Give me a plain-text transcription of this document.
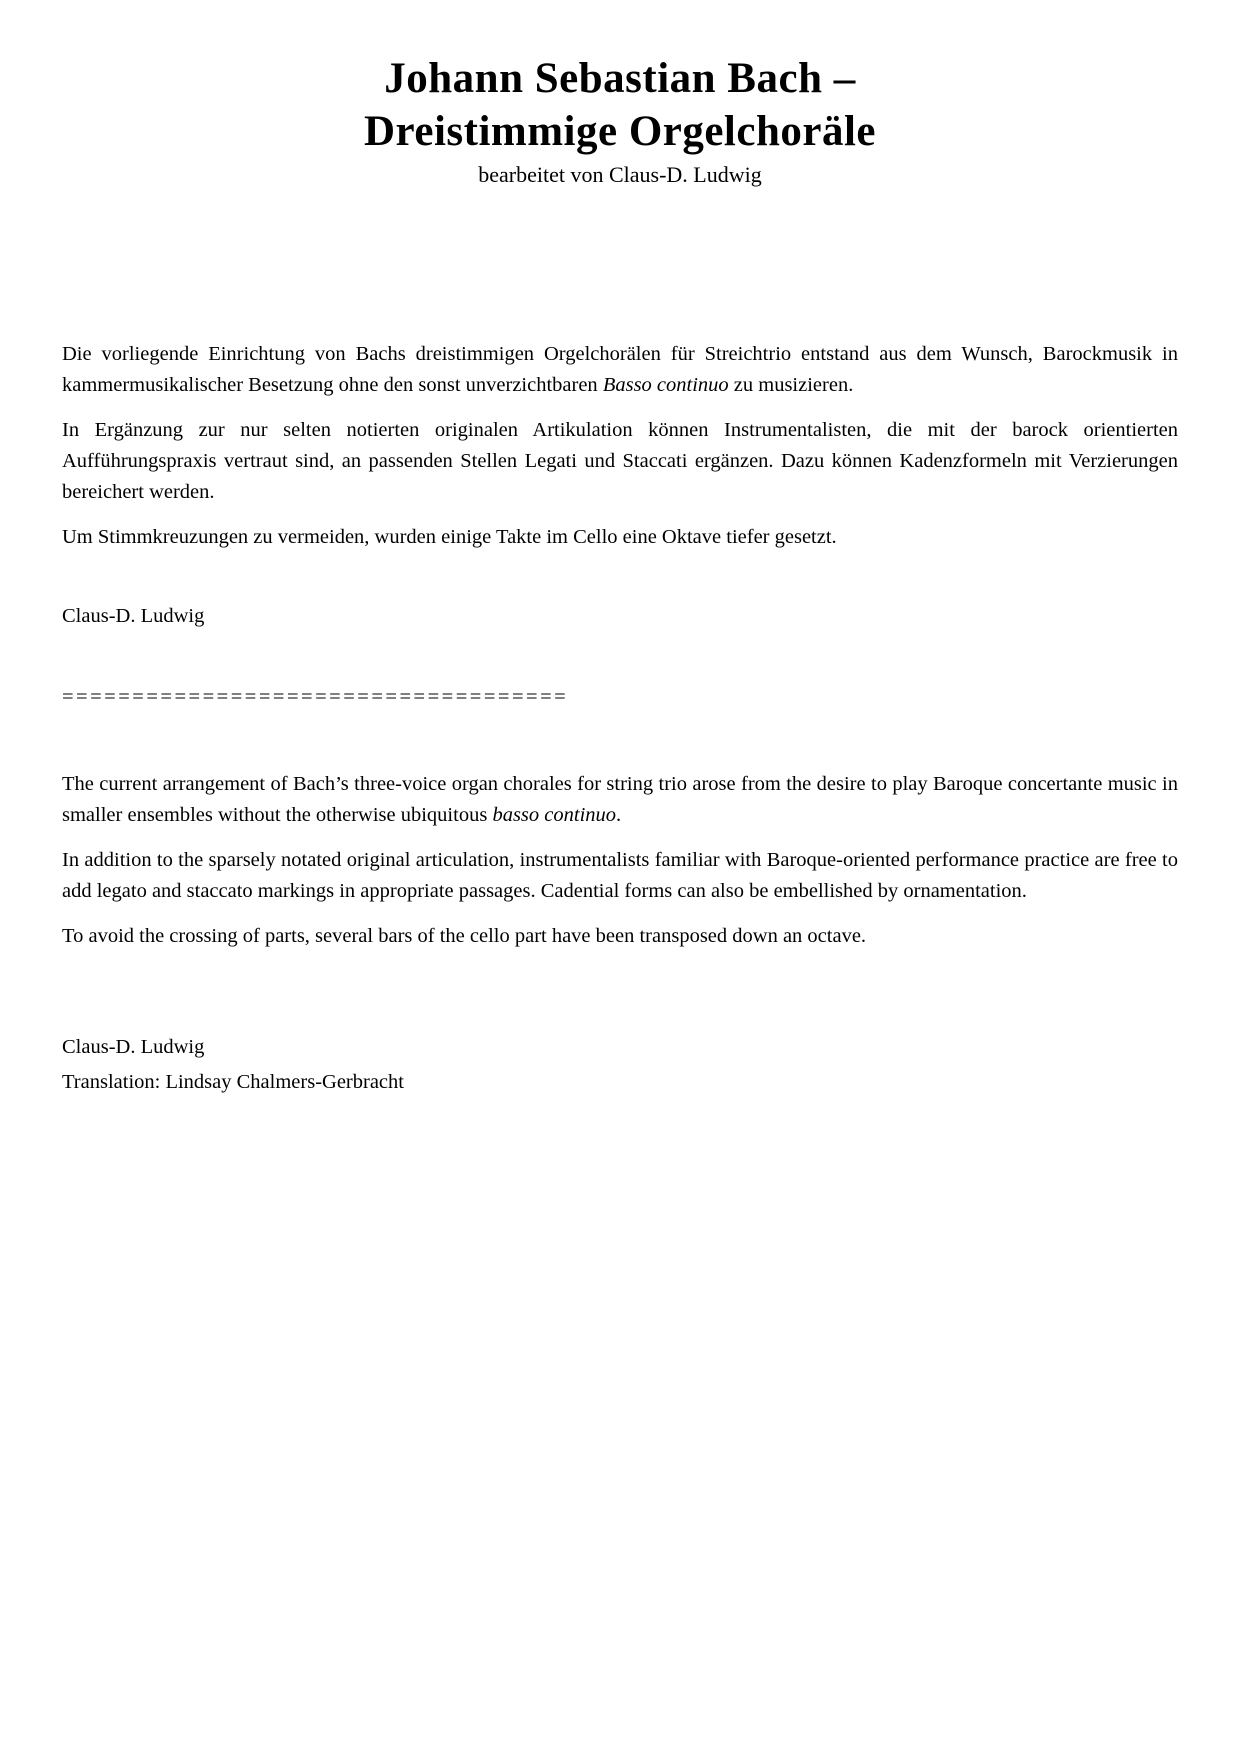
Johann Sebastian Bach –
Dreistimmige Orgelchoräle
bearbeitet von Claus-D. Ludwig

Die vorliegende Einrichtung von Bachs dreistimmigen Orgelchorälen für Streichtrio entstand aus dem Wunsch, Barockmusik in kammermusikalischer Besetzung ohne den sonst unverzichtbaren Basso continuo zu musizieren.

In Ergänzung zur nur selten notierten originalen Artikulation können Instrumentalisten, die mit der barock orientierten Aufführungspraxis vertraut sind, an passenden Stellen Legati und Staccati ergänzen. Dazu können Kadenzformeln mit Verzierungen bereichert werden.

Um Stimmkreuzungen zu vermeiden, wurden einige Takte im Cello eine Oktave tiefer gesetzt.

Claus-D. Ludwig
====================================

The current arrangement of Bach’s three-voice organ chorales for string trio arose from the desire to play Baroque concertante music in smaller ensembles without the otherwise ubiquitous basso continuo.

In addition to the sparsely notated original articulation, instrumentalists familiar with Baroque-oriented performance practice are free to add legato and staccato markings in appropriate passages. Cadential forms can also be embellished by ornamentation.

To avoid the crossing of parts, several bars of the cello part have been transposed down an octave.

Claus-D. Ludwig
Translation: Lindsay Chalmers-Gerbracht
